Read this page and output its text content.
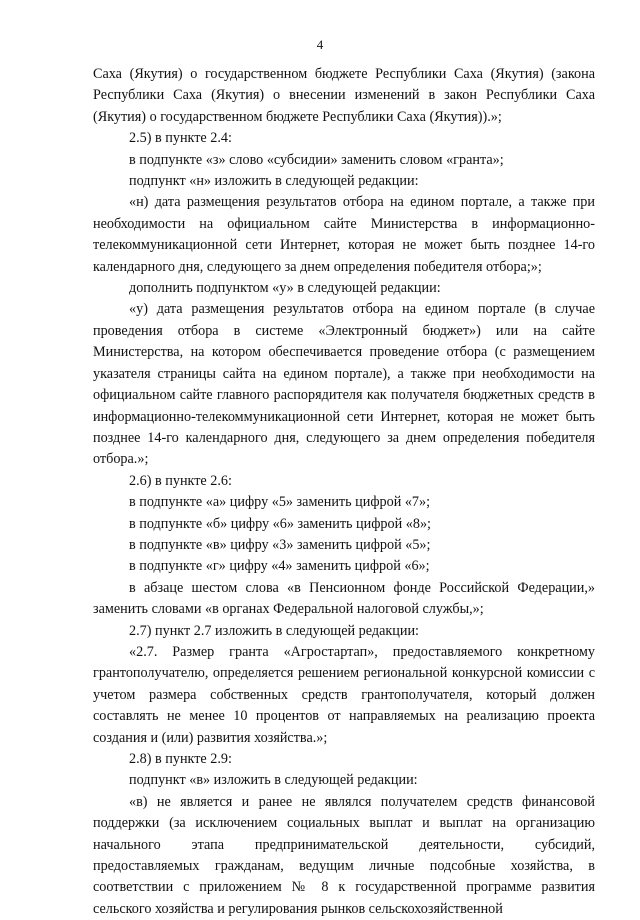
4

Саха (Якутия) о государственном бюджете Республики Саха (Якутия) (закона Республики Саха (Якутия) о внесении изменений в закон Республики Саха (Якутия) о государственном бюджете Республики Саха (Якутия)).»;

2.5) в пункте 2.4:

в подпункте «з» слово «субсидии» заменить словом «гранта»;

подпункт «н» изложить в следующей редакции:

«н) дата размещения результатов отбора на едином портале, а также при необходимости на официальном сайте Министерства в информационно-телекоммуникационной сети Интернет, которая не может быть позднее 14-го календарного дня, следующего за днем определения победителя отбора;»;

дополнить подпунктом «у» в следующей редакции:

«у) дата размещения результатов отбора на едином портале (в случае проведения отбора в системе «Электронный бюджет») или на сайте Министерства, на котором обеспечивается проведение отбора (с размещением указателя страницы сайта на едином портале), а также при необходимости на официальном сайте главного распорядителя как получателя бюджетных средств в информационно-телекоммуникационной сети Интернет, которая не может быть позднее 14-го календарного дня, следующего за днем определения победителя отбора.»;

2.6) в пункте 2.6:

в подпункте «а» цифру «5» заменить цифрой «7»;

в подпункте «б» цифру «6» заменить цифрой «8»;

в подпункте «в» цифру «3» заменить цифрой «5»;

в подпункте «г» цифру «4» заменить цифрой «6»;

в абзаце шестом слова «в Пенсионном фонде Российской Федерации,» заменить словами «в органах Федеральной налоговой службы,»;

2.7) пункт 2.7 изложить в следующей редакции:

«2.7. Размер гранта «Агростартап», предоставляемого конкретному грантополучателю, определяется решением региональной конкурсной комиссии с учетом размера собственных средств грантополучателя, который должен составлять не менее 10 процентов от направляемых на реализацию проекта создания и (или) развития хозяйства.»;

2.8) в пункте 2.9:

подпункт «в» изложить в следующей редакции:

«в) не является и ранее не являлся получателем средств финансовой поддержки (за исключением социальных выплат и выплат на организацию начального этапа предпринимательской деятельности, субсидий, предоставляемых гражданам, ведущим личные подсобные хозяйства, в соответствии с приложением № 8 к государственной программе развития сельского хозяйства и регулирования рынков сельскохозяйственной
